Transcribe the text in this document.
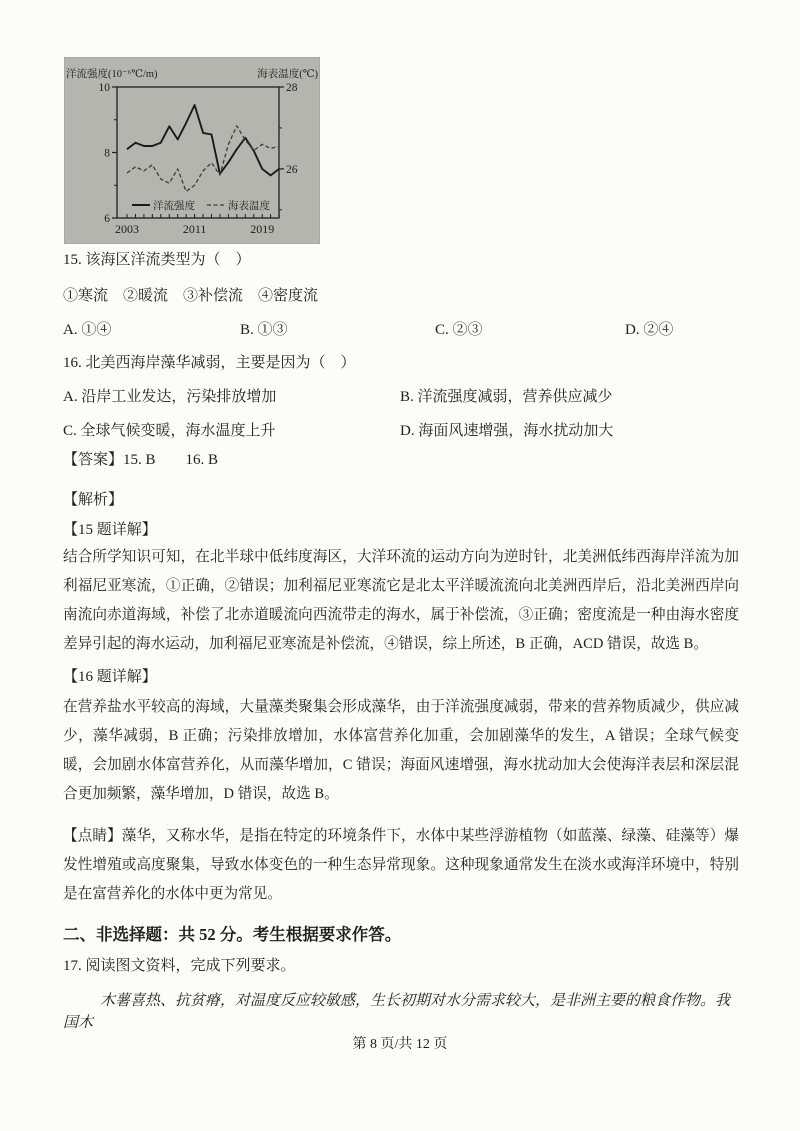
洋流强度(10⁻⁶℃/m)	海表温度(℃)
6
8
10
26
28
2003	2011	2019
洋流强度	海表温度
15. 该海区洋流类型为（　）
①寒流　②暖流　③补偿流　④密度流
A. ①④	B. ①③	C. ②③	D. ②④
16. 北美西海岸藻华减弱，主要是因为（　）
A. 沿岸工业发达，污染排放增加	B. 洋流强度减弱，营养供应减少
C. 全球气候变暖，海水温度上升	D. 海面风速增强，海水扰动加大
【答案】15. B　　16. B
【解析】
【15 题详解】
结合所学知识可知，在北半球中低纬度海区，大洋环流的运动方向为逆时针，北美洲低纬西海岸洋流为加利福尼亚寒流，①正确，②错误；加利福尼亚寒流它是北太平洋暖流流向北美洲西岸后，沿北美洲西岸向南流向赤道海域，补偿了北赤道暖流向西流带走的海水，属于补偿流，③正确；密度流是一种由海水密度差异引起的海水运动，加利福尼亚寒流是补偿流，④错误，综上所述，B 正确，ACD 错误，故选 B。
【16 题详解】
在营养盐水平较高的海域，大量藻类聚集会形成藻华，由于洋流强度减弱，带来的营养物质减少，供应减少，藻华减弱，B 正确；污染排放增加，水体富营养化加重，会加剧藻华的发生，A 错误；全球气候变暖，会加剧水体富营养化，从而藻华增加，C 错误；海面风速增强，海水扰动加大会使海洋表层和深层混合更加频繁，藻华增加，D 错误，故选 B。
【点睛】藻华，又称水华，是指在特定的环境条件下，水体中某些浮游植物（如蓝藻、绿藻、硅藻等）爆发性增殖或高度聚集，导致水体变色的一种生态异常现象。这种现象通常发生在淡水或海洋环境中，特别是在富营养化的水体中更为常见。
二、非选择题：共 52 分。考生根据要求作答。
17. 阅读图文资料，完成下列要求。
木薯喜热、抗贫瘠，对温度反应较敏感，生长初期对水分需求较大，是非洲主要的粮食作物。我国木
第 8 页/共 12 页
